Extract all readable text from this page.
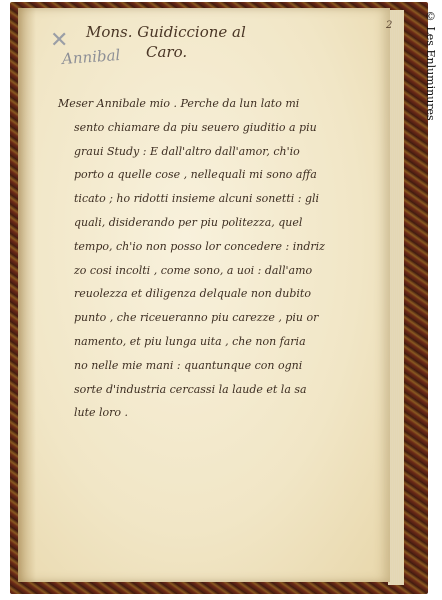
2
✕
Annibal
Mons. Guidiccione al
Caro.
Meser Annibale mio . Perche da lun lato mi
sento chiamare da piu seuero giuditio a piu
graui Study : E dall'altro dall'amor, ch'io
porto a quelle cose , nellequali mi sono affa
ticato ; ho ridotti insieme alcuni sonetti : gli
quali, disiderando per piu politezza, quel
tempo, ch'io non posso lor concedere : indriz
zo cosi incolti , come sono, a uoi : dall'amo
reuolezza et diligenza delquale non dubito
punto , che riceueranno piu carezze , piu or
namento, et piu lunga uita , che non faria
no nelle mie mani : quantunque con ogni
sorte d'industria cercassi la laude et la sa
lute loro .
© Les Enluminures
